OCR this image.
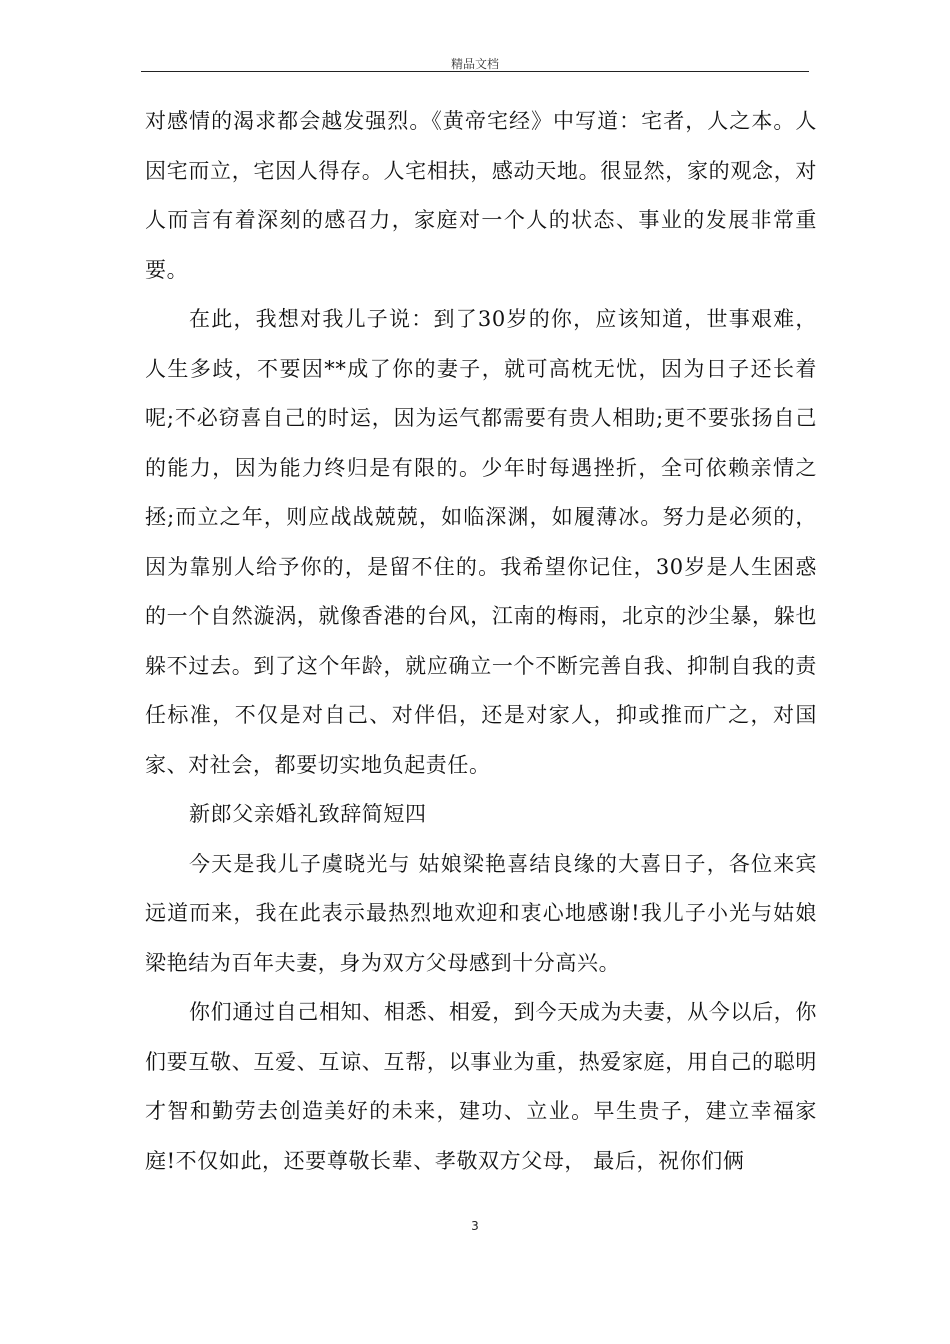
精品文档

对感情的渴求都会越发强烈。《黄帝宅经》中写道：宅者，人之本。人因宅而立，宅因人得存。人宅相扶，感动天地。很显然，家的观念，对人而言有着深刻的感召力，家庭对一个人的状态、事业的发展非常重要。

在此，我想对我儿子说：到了30岁的你，应该知道，世事艰难，人生多歧，不要因**成了你的妻子，就可高枕无忧，因为日子还长着呢;不必窃喜自己的时运，因为运气都需要有贵人相助;更不要张扬自己的能力，因为能力终归是有限的。少年时每遇挫折，全可依赖亲情之拯;而立之年，则应战战兢兢，如临深渊，如履薄冰。努力是必须的，因为靠别人给予你的，是留不住的。我希望你记住，30岁是人生困惑的一个自然漩涡，就像香港的台风，江南的梅雨，北京的沙尘暴，躲也躲不过去。到了这个年龄，就应确立一个不断完善自我、抑制自我的责任标准，不仅是对自己、对伴侣，还是对家人，抑或推而广之，对国家、对社会，都要切实地负起责任。

新郎父亲婚礼致辞简短四

今天是我儿子虞晓光与 姑娘梁艳喜结良缘的大喜日子，各位来宾远道而来，我在此表示最热烈地欢迎和衷心地感谢!我儿子小光与姑娘梁艳结为百年夫妻，身为双方父母感到十分高兴。

你们通过自己相知、相悉、相爱，到今天成为夫妻，从今以后，你们要互敬、互爱、互谅、互帮，以事业为重，热爱家庭，用自己的聪明才智和勤劳去创造美好的未来，建功、立业。早生贵子，建立幸福家庭!不仅如此，还要尊敬长辈、孝敬双方父母， 最后，祝你们俩

3
